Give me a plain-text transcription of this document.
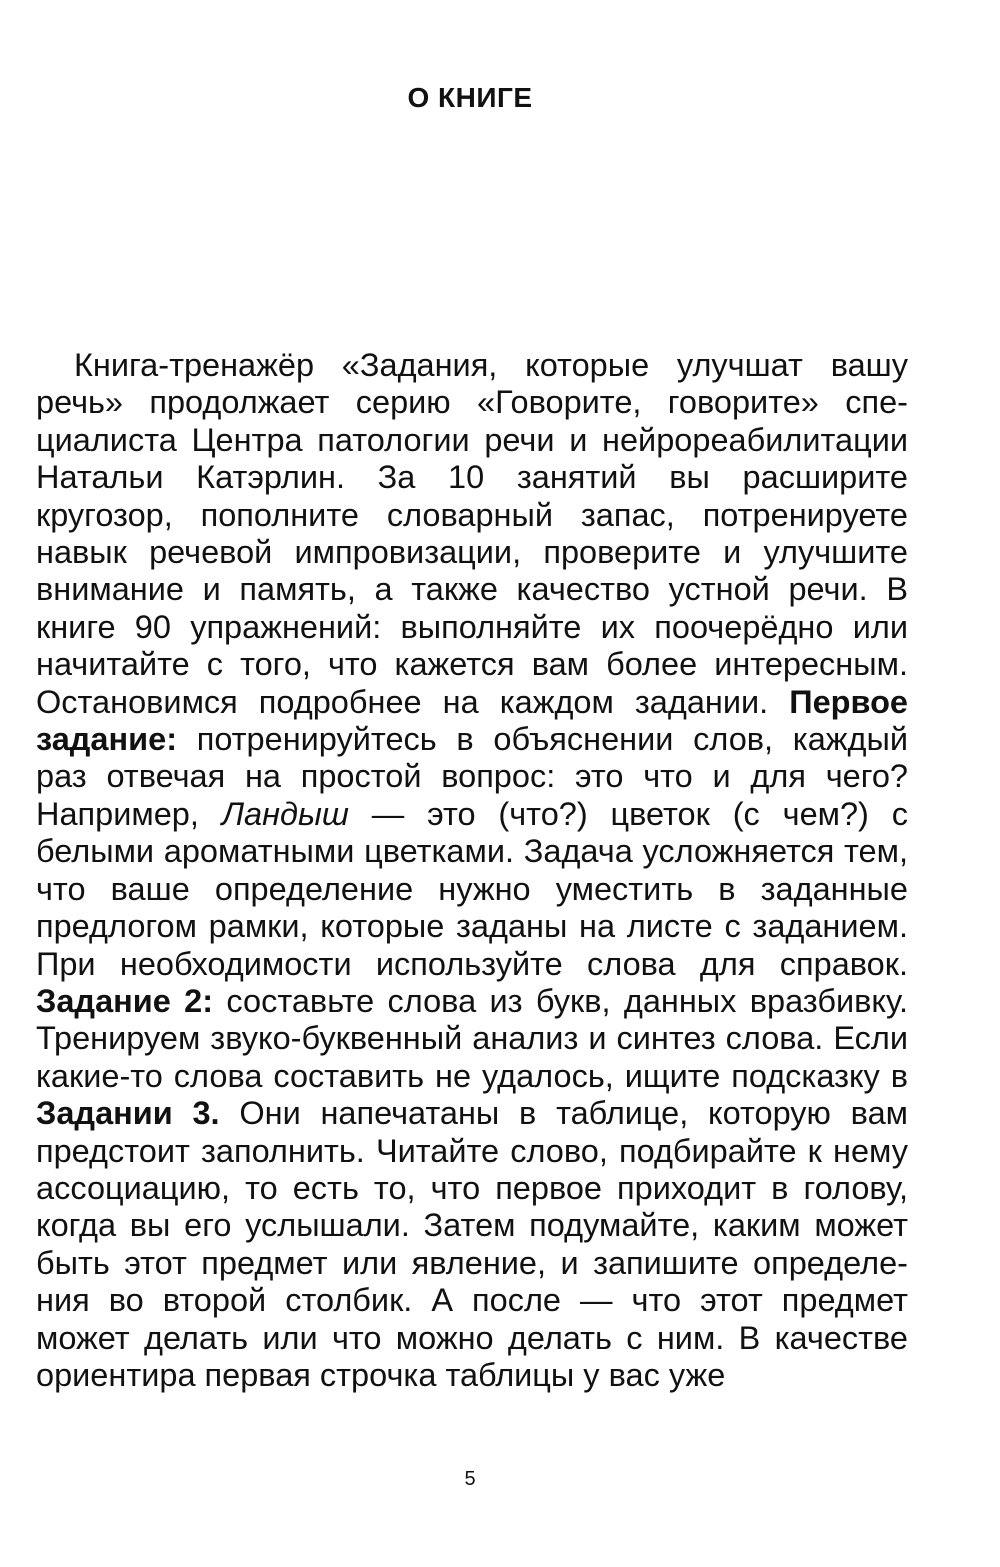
О КНИГЕ

Книга-тренажёр «Задания, которые улучшат вашу речь» продолжает серию «Говорите, говорите» специалиста Центра патологии речи и нейрореабилитации Натальи Катэрлин. За 10 занятий вы расширите кругозор, пополните словарный запас, потренируете навык речевой импровизации, проверите и улучшите внимание и память, а также качество устной речи. В книге 90 упражнений: выполняйте их поочерёдно или начитайте с того, что кажется вам более интересным. Остановимся подробнее на каждом задании. Первое задание: потренируйтесь в объяснении слов, каждый раз отвечая на простой вопрос: это что и для чего? Например, Ландыш — это (что?) цветок (с чем?) с белыми ароматными цветками. Задача усложняется тем, что ваше определение нужно уместить в заданные предлогом рамки, которые заданы на листе с заданием. При необходимости используйте слова для справок. Задание 2: составьте слова из букв, данных вразбивку. Тренируем звуко-буквенный анализ и синтез слова. Если какие-то слова составить не удалось, ищите подсказку в Задании 3. Они напечатаны в таблице, которую вам предстоит заполнить. Читайте слово, подбирайте к нему ассоциацию, то есть то, что первое приходит в голову, когда вы его услышали. Затем подумайте, каким может быть этот предмет или явление, и запишите определения во второй столбик. А после — что этот предмет может делать или что можно делать с ним. В качестве ориентира первая строчка таблицы у вас уже

5
